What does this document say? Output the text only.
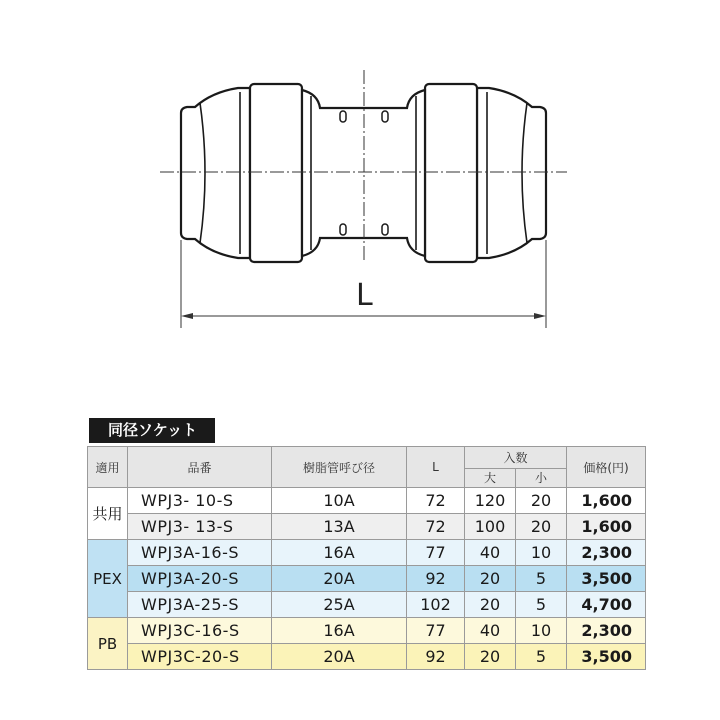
L
同径ソケット
適用	品番	樹脂管呼び径	L	入数		価格(円)
				大	小	
共用	WPJ3- 10-S	10A	72	120	20	1,600
	WPJ3- 13-S	13A	72	100	20	1,600
PEX	WPJ3A-16-S	16A	77	40	10	2,300
	WPJ3A-20-S	20A	92	20	5	3,500
	WPJ3A-25-S	25A	102	20	5	4,700
PB	WPJ3C-16-S	16A	77	40	10	2,300
	WPJ3C-20-S	20A	92	20	5	3,500
